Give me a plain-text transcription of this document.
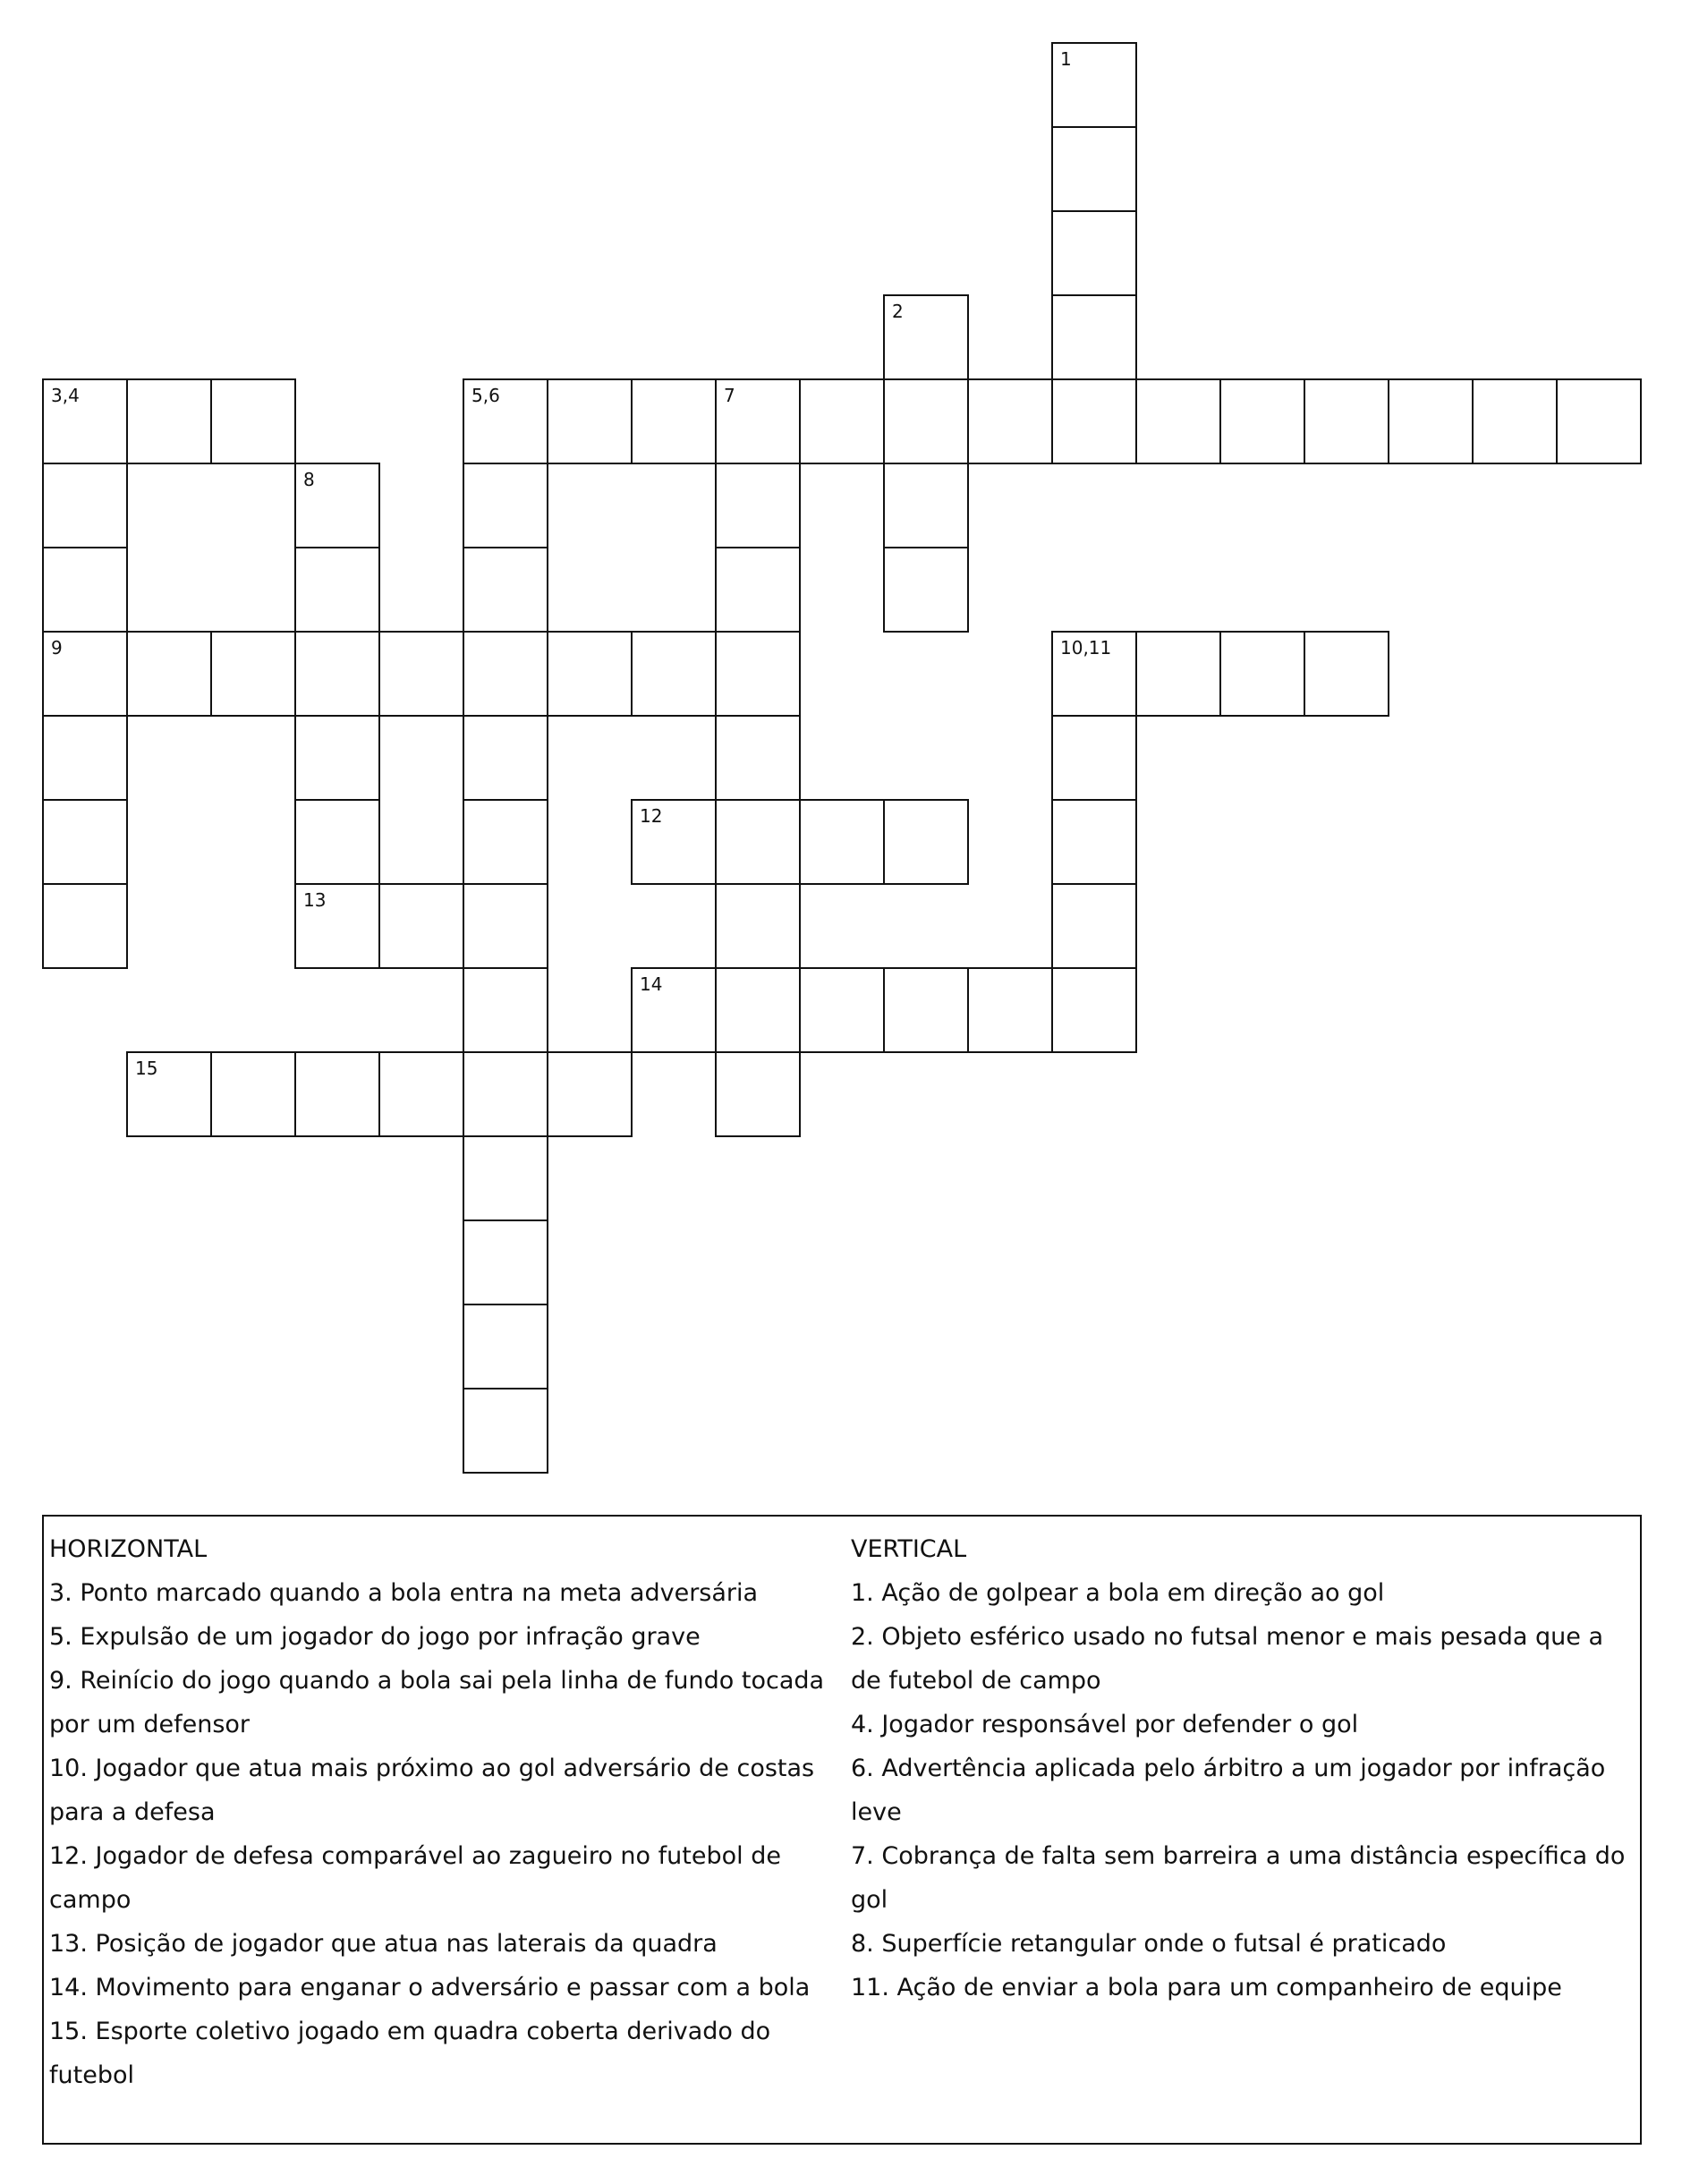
1
2
3,4	5,6	7
8
9	10,11
12
13
14
15
HORIZONTAL
3. Ponto marcado quando a bola entra na meta adversária
5. Expulsão de um jogador do jogo por infração grave
9. Reinício do jogo quando a bola sai pela linha de fundo tocada por um defensor
10. Jogador que atua mais próximo ao gol adversário de costas para a defesa
12. Jogador de defesa comparável ao zagueiro no futebol de campo
13. Posição de jogador que atua nas laterais da quadra
14. Movimento para enganar o adversário e passar com a bola
15. Esporte coletivo jogado em quadra coberta derivado do futebol
VERTICAL
1. Ação de golpear a bola em direção ao gol
2. Objeto esférico usado no futsal menor e mais pesada que a de futebol de campo
4. Jogador responsável por defender o gol
6. Advertência aplicada pelo árbitro a um jogador por infração leve
7. Cobrança de falta sem barreira a uma distância específica do gol
8. Superfície retangular onde o futsal é praticado
11. Ação de enviar a bola para um companheiro de equipe
